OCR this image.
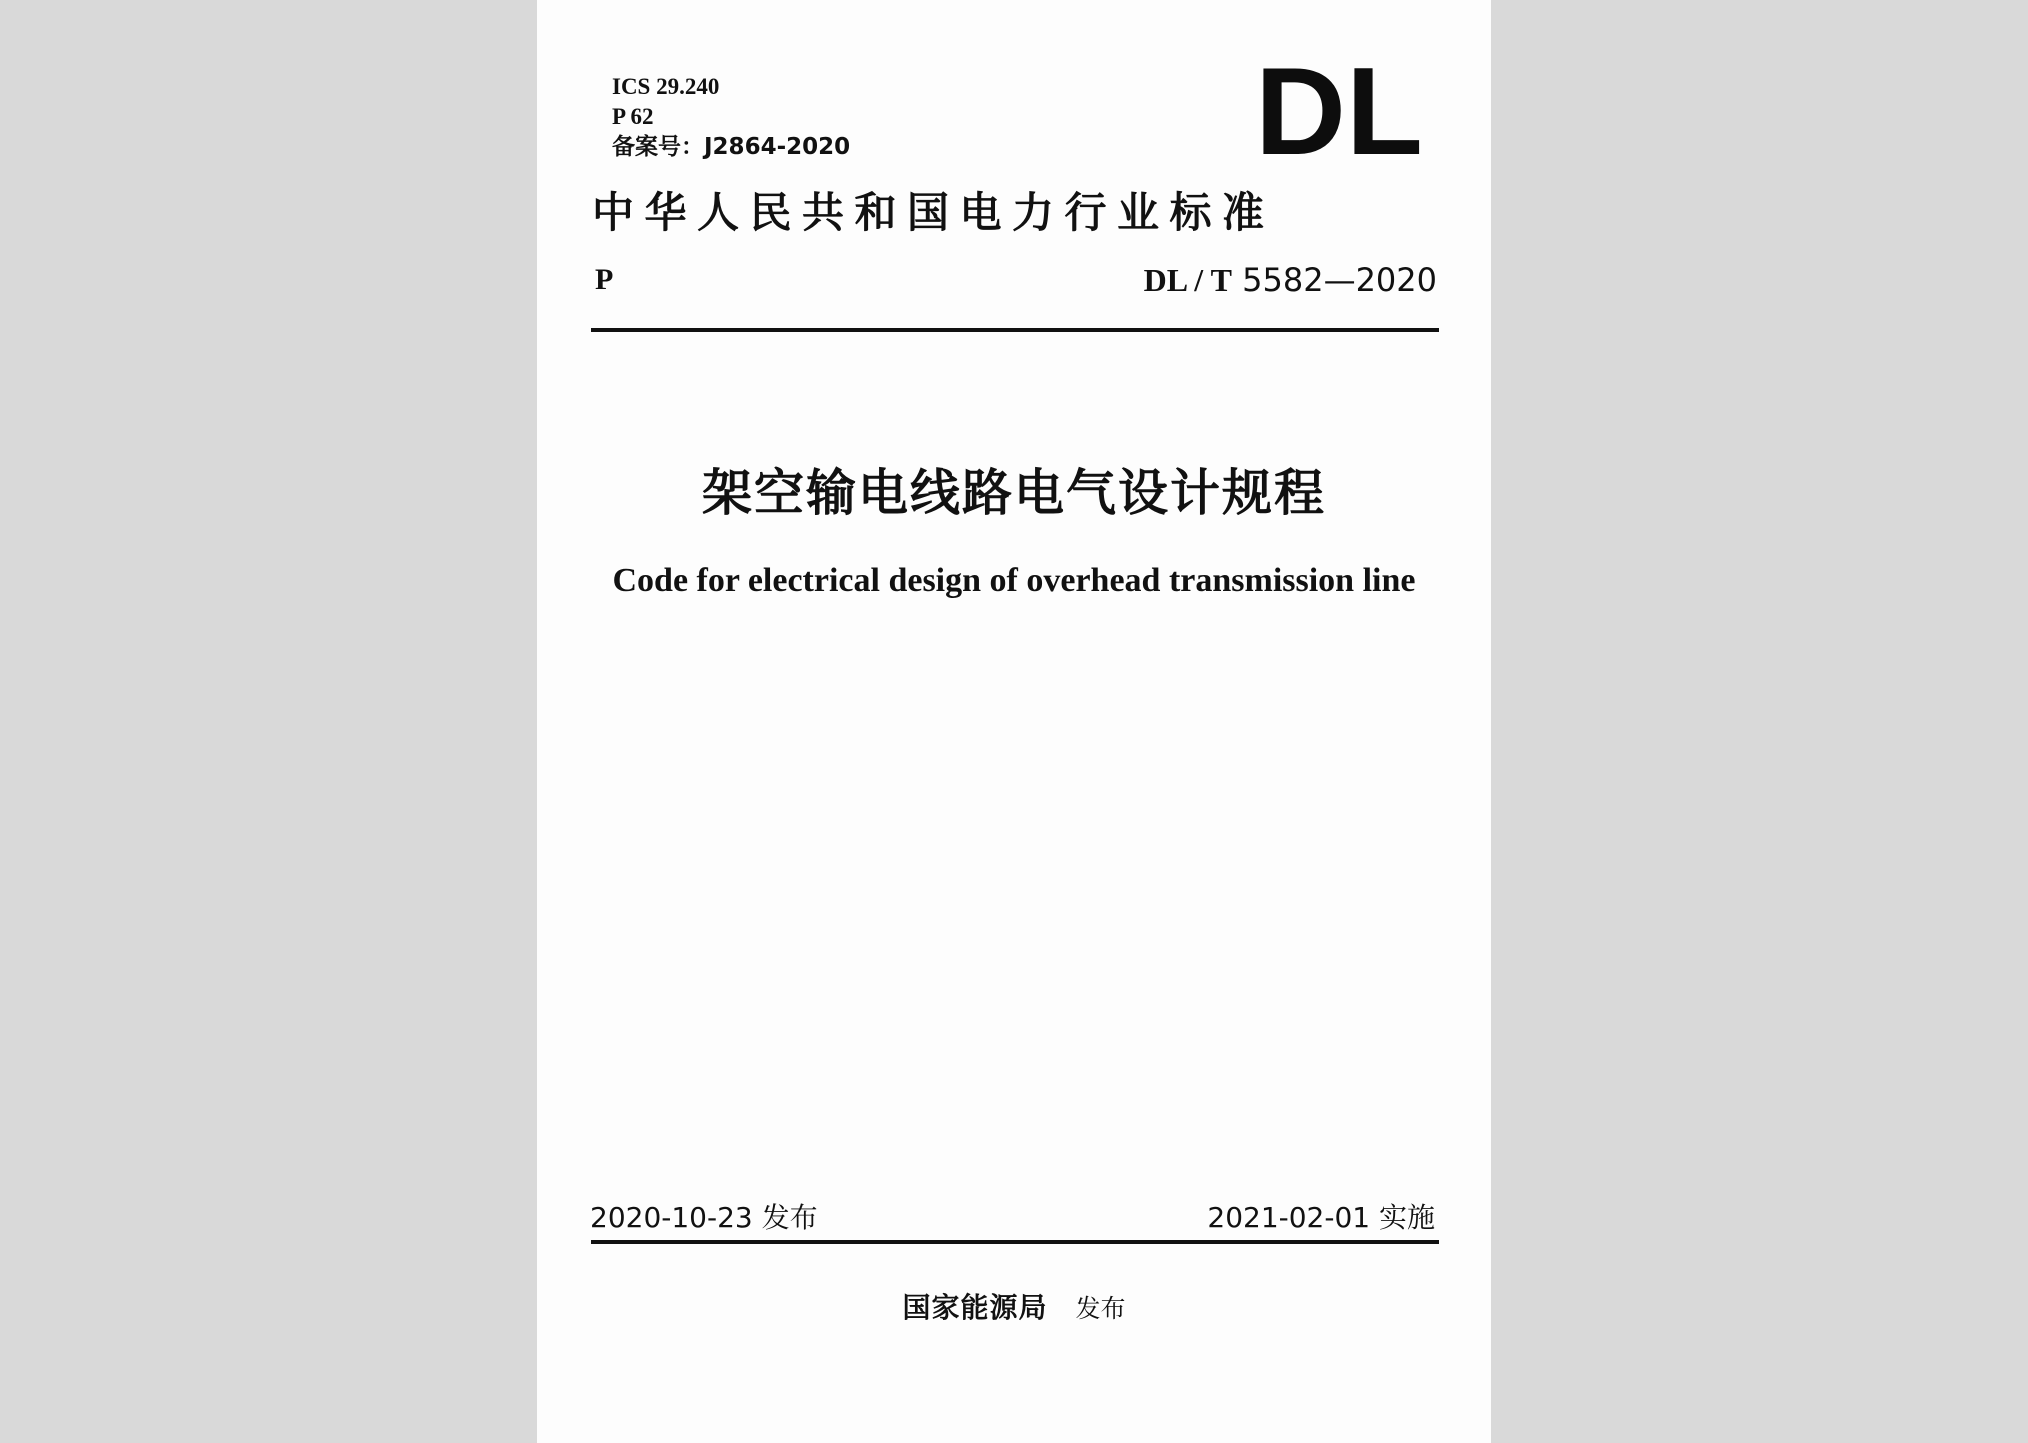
ICS 29.240
P 62
备案号：J2864-2020	DL
中华人民共和国电力行业标准
P	DL / T 5582—2020
架空输电线路电气设计规程
Code for electrical design of overhead transmission line
2020-10-23 发布	2021-02-01 实施
国家能源局 发布
